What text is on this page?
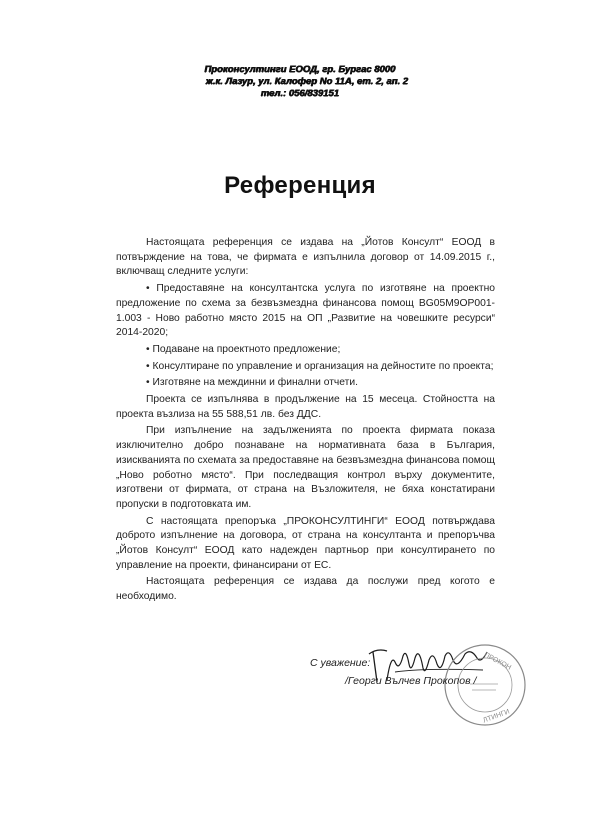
Проконсултинги ЕООД, гр. Бургас 8000
ж.к. Лазур, ул. Калофер No 11А, ет. 2, ап. 2
тел.: 056/839151
Референция

Настоящата референция се издава на „Йотов Консулт“ ЕООД в потвърждение на това, че фирмата е изпълнила договор от 14.09.2015 г., включващ следните услуги:

• Предоставяне на консултантска услуга по изготвяне на проектно предложение по схема за безвъзмездна финансова помощ BG05M9OP001-1.003 - Ново работно място 2015 на ОП „Развитие на човешките ресурси“ 2014-2020;

• Подаване на проектното предложение;

• Консултиране по управление и организация на дейностите по проекта;

• Изготвяне на междинни и финални отчети.

Проекта се изпълнява в продължение на 15 месеца. Стойността на проекта възлиза на 55 588,51 лв. без ДДС.

При изпълнение на задълженията по проекта фирмата показа изключително добро познаване на нормативната база в България, изискванията по схемата за предоставяне на безвъзмездна финансова помощ „Ново роботно място“. При последващия контрол върху документите, изготвени от фирмата, от страна на Възложителя, не бяха констатирани пропуски в подготовката им.

С настоящата препоръка „ПРОКОНСУЛТИНГИ“ ЕООД потвърждава доброто изпълнение на договора, от страна на консултанта и препоръчва „Йотов Консулт“ ЕООД като надежден партньор при консултирането по управление на проекти, финансирани от ЕС.

Настоящата референция се издава да послужи пред когото е необходимо.

С уважение:	ПРОКОН
ЛТИНГИ
/Георги Вълчев Прокопов /
